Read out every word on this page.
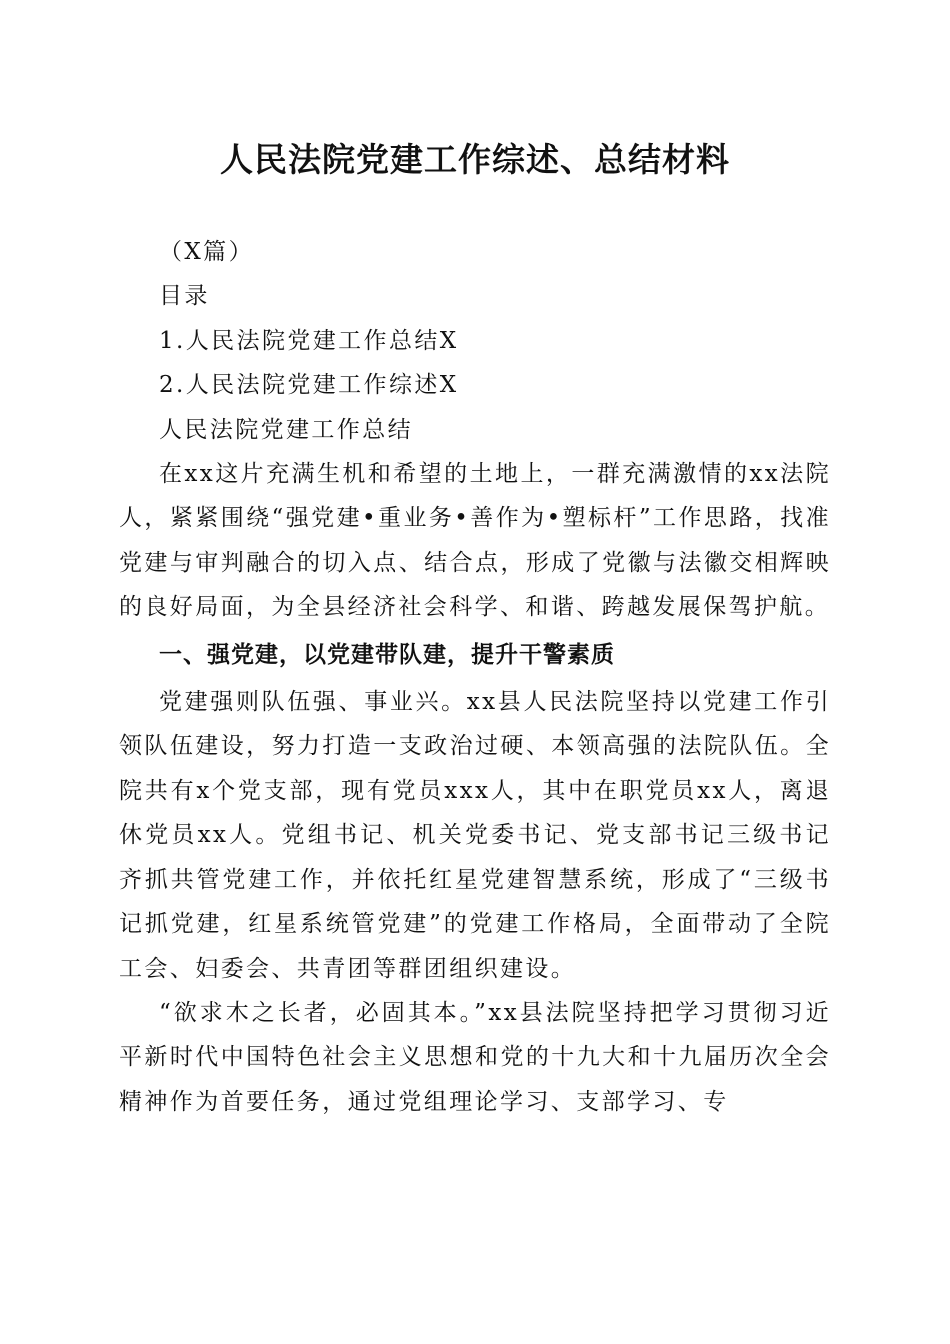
人民法院党建工作综述、总结材料

（X篇）

目录

1.人民法院党建工作总结X

2.人民法院党建工作综述X

人民法院党建工作总结

在xx这片充满生机和希望的土地上，一群充满激情的xx法院人，紧紧围绕“强党建•重业务•善作为•塑标杆”工作思路，找准党建与审判融合的切入点、结合点，形成了党徽与法徽交相辉映的良好局面，为全县经济社会科学、和谐、跨越发展保驾护航。

一、强党建，以党建带队建，提升干警素质

党建强则队伍强、事业兴。xx县人民法院坚持以党建工作引领队伍建设，努力打造一支政治过硬、本领高强的法院队伍。全院共有x个党支部，现有党员xxx人，其中在职党员xx人，离退休党员xx人。党组书记、机关党委书记、党支部书记三级书记齐抓共管党建工作，并依托红星党建智慧系统，形成了“三级书记抓党建，红星系统管党建”的党建工作格局，全面带动了全院工会、妇委会、共青团等群团组织建设。

“欲求木之长者，必固其本。”xx县法院坚持把学习贯彻习近平新时代中国特色社会主义思想和党的十九大和十九届历次全会精神作为首要任务，通过党组理论学习、支部学习、专
